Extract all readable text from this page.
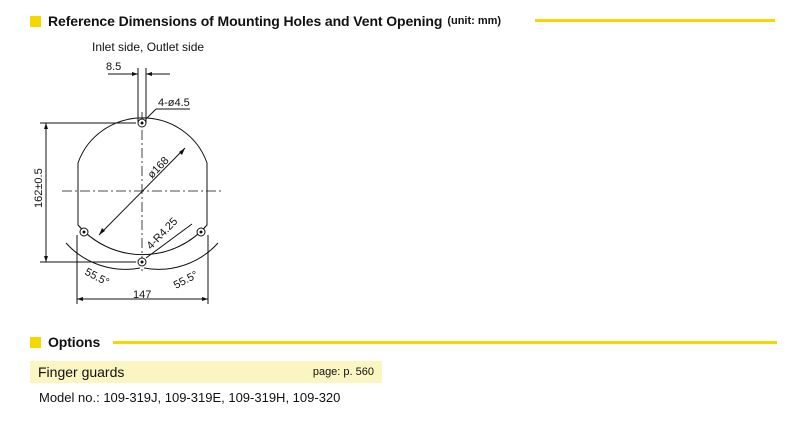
Reference Dimensions of Mounting Holes and Vent Opening (unit: mm)
Inlet side, Outlet side
8.5
4-ø4.5
ø168
4-R4.25
162±0.5
147
55.5°	55.5°
Options
Finger guards	page: p. 560
Model no.: 109-319J, 109-319E, 109-319H, 109-320
